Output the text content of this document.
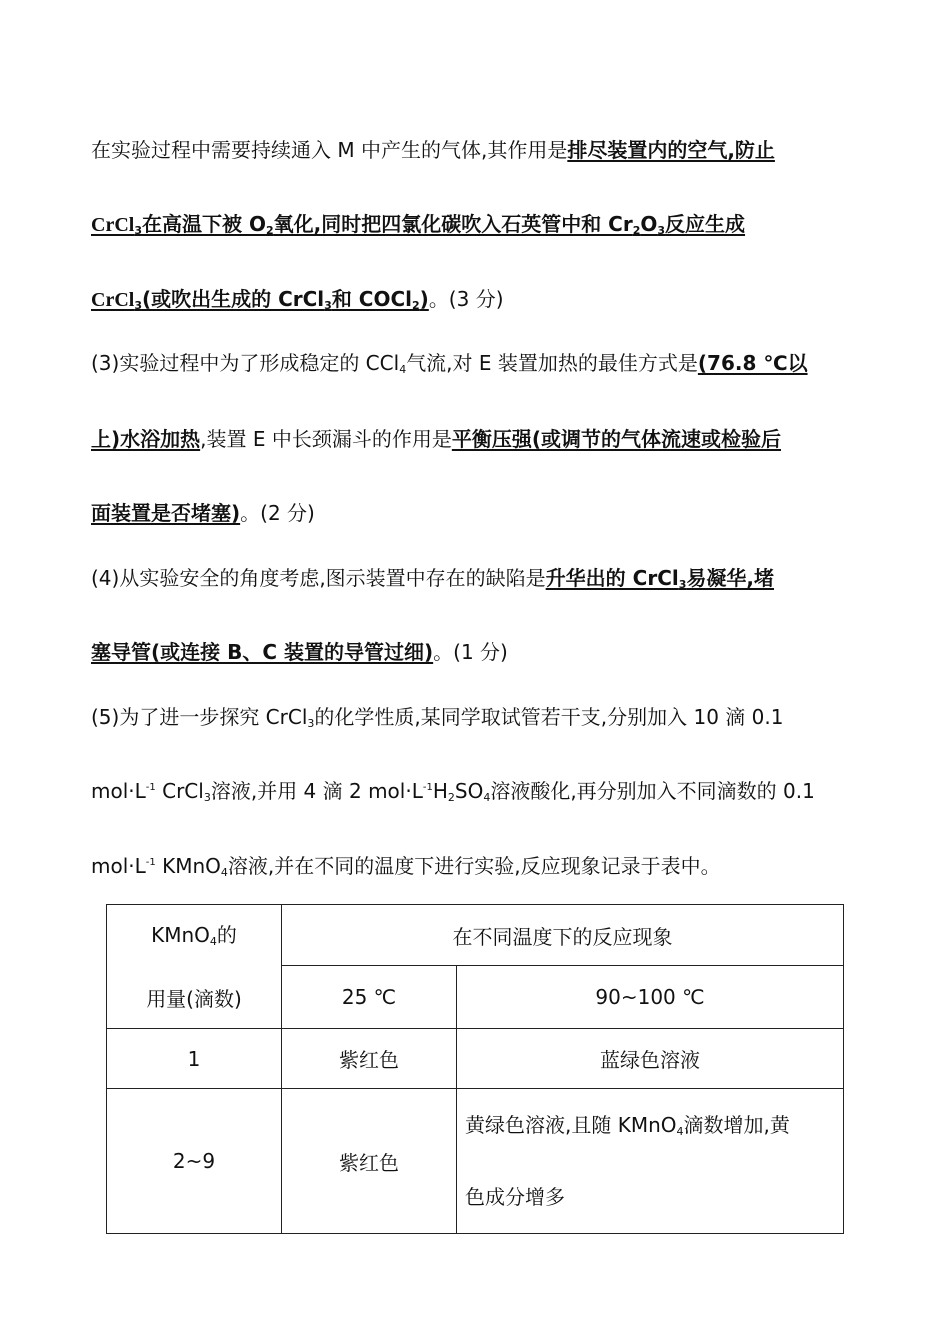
在实验过程中需要持续通入 M 中产生的气体,其作用是排尽装置内的空气,防止
CrCl$_3$在高温下被 $O_2$氧化,同时把四氯化碳吹入石英管中和 $Cr_2O_3$反应生成
CrCl$_3$(或吹出生成的 CrCl$_3$和 COCl$_2$)。(3 分)
(3)实验过程中为了形成稳定的 CCl$_4$气流,对 E 装置加热的最佳方式是(76.8 ℃以
上)水浴加热,装置 E 中长颈漏斗的作用是平衡压强(或调节的气体流速或检验后
面装置是否堵塞)。(2 分)
(4)从实验安全的角度考虑,图示装置中存在的缺陷是升华出的 CrCl$_3$易凝华,堵
塞导管(或连接 B、C 装置的导管过细)。(1 分)
(5)为了进一步探究 CrCl$_3$的化学性质,某同学取试管若干支,分别加入 10 滴 0.1
$mol\cdot L^{-1}$ CrCl$_3$溶液,并用 4 滴 2 $mol\cdot L^{-1}H_2SO_4$溶液酸化,再分别加入不同滴数的 0.1
$mol\cdot L^{-1}$ KMnO$_4$溶液,并在不同的温度下进行实验,反应现象记录于表中。
KMnO$_4$的
用量(滴数)	在不同温度下的反应现象	
	25 ℃	90~100 ℃
1	紫红色	蓝绿色溶液
2~9	紫红色	黄绿色溶液,且随 KMnO$_4$滴数增加,黄
色成分增多
